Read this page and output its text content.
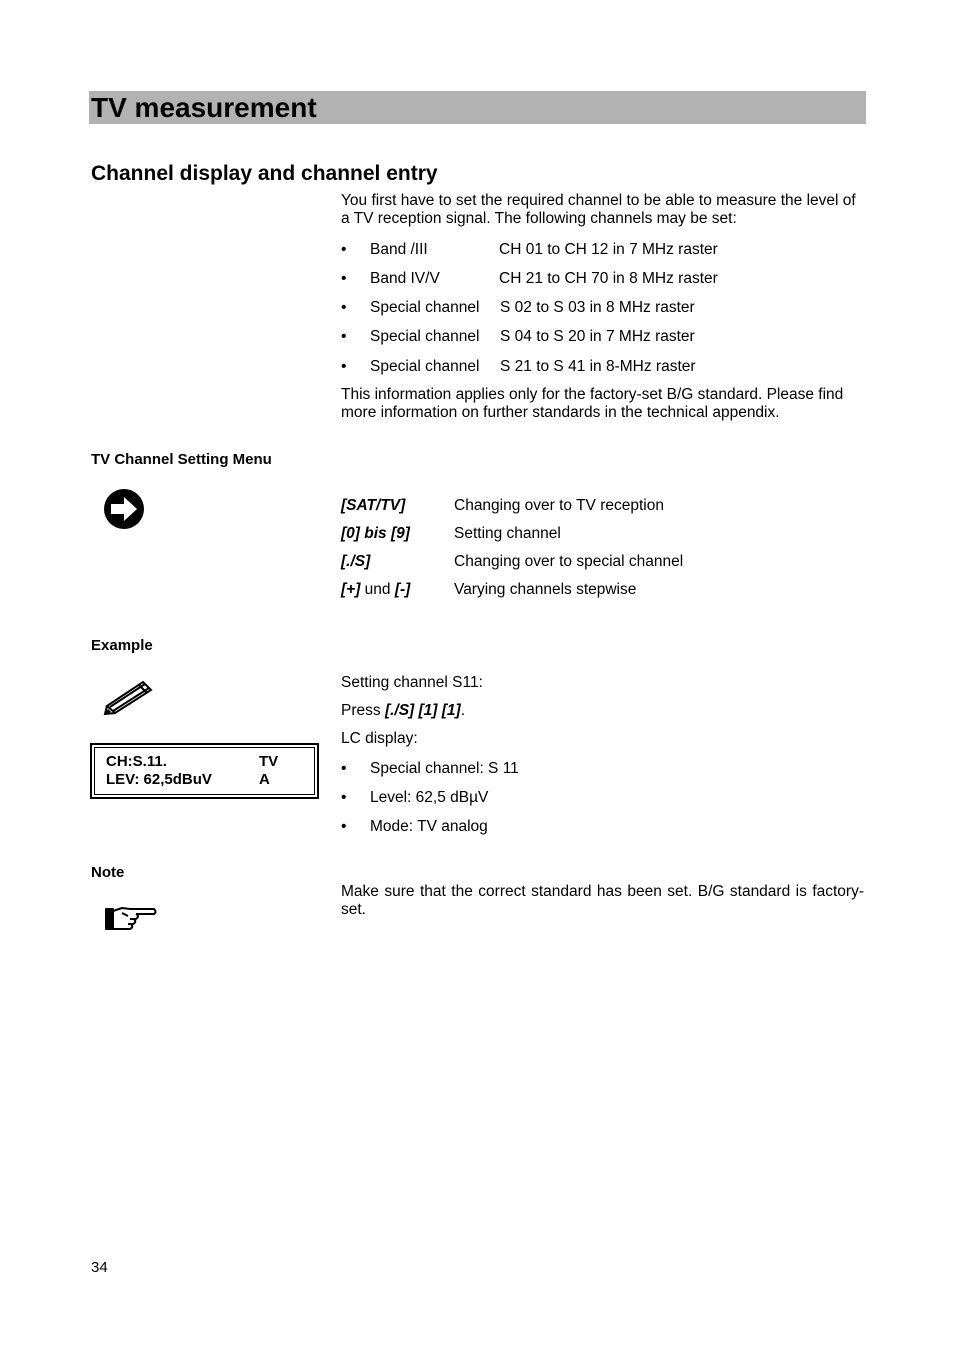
TV measurement
Channel display and channel entry
You first have to set the required channel to be able to measure the level of a TV reception signal. The following channels may be set:
• Band /III	CH 01 to CH 12 in 7 MHz raster
• Band IV/V	CH 21 to CH 70 in 8 MHz raster
• Special channel S 02 to S 03 in 8 MHz raster
• Special channel S 04 to S 20 in 7 MHz raster
• Special channel S 21 to S 41 in 8-MHz raster
This information applies only for the factory-set B/G standard. Please find more information on further standards in the technical appendix.
TV Channel Setting Menu
[SAT/TV]	Changing over to TV reception
[0] bis [9]	Setting channel
[./S]	Changing over to special channel
[+] und [-]	Varying channels stepwise
Example
CH:S.11.	TV
LEV: 62,5dBuV	A
Setting channel S11:
Press [./S] [1] [1].
LC display:
• Special channel: S 11
• Level: 62,5 dBµV
• Mode: TV analog
Note
Make sure that the correct standard has been set. B/G standard is factory-set.
34
